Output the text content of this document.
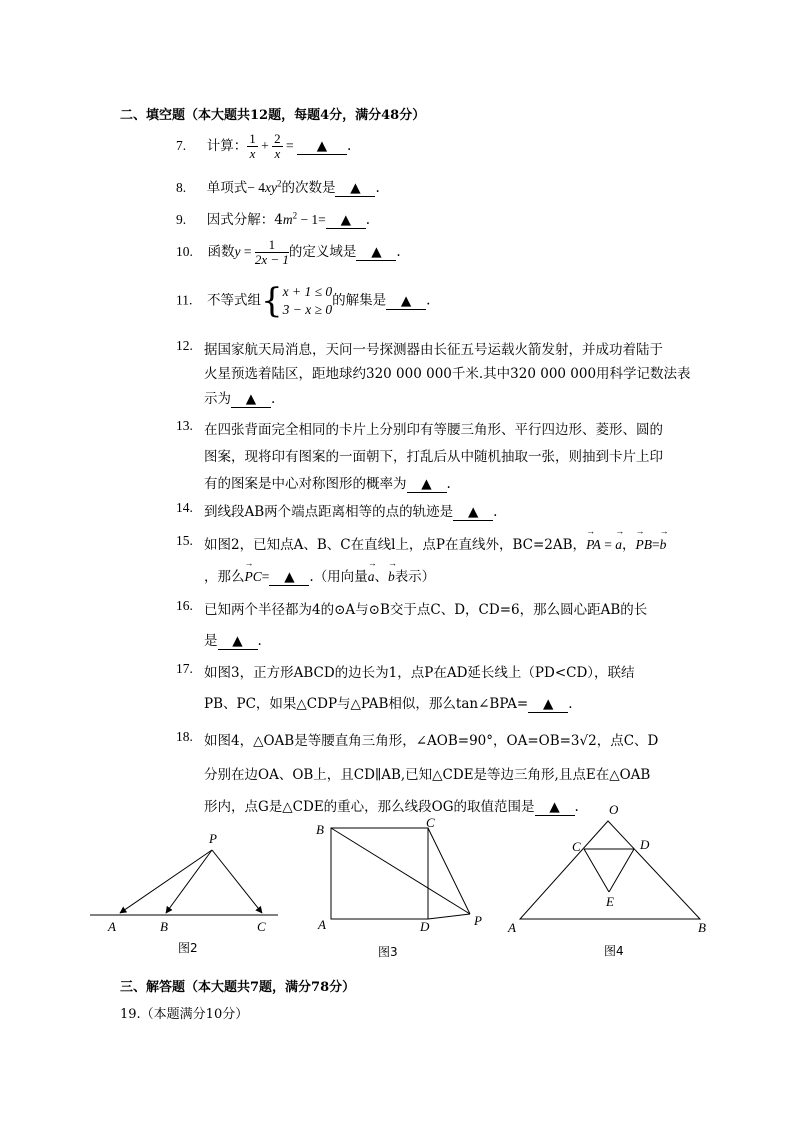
二、填空题（本大题共12题，每题4分，满分48分）
7. 计算： $\frac{1}{x} + \frac{2}{x}$ = ▲ .
8. 单项式− $4xy^2$的次数是 ▲ .
9. 因式分解：$4m^2 - 1=$ ▲ .
10. 函数$y = \frac{1}{2x - 1}$ 的定义域是 ▲ .
11. 不等式组{ x + 1 ≤ 0
3 − x ≥ 0
的解集是 ▲ .
12. 据国家航天局消息，天问一号探测器由长征五号运载火箭发射，并成功着陆于
火星预选着陆区，距地球约320 000 000千米.其中320 000 000用科学记数法表
示为 ▲ .
13. 在四张背面完全相同的卡片上分别印有等腰三角形、平行四边形、菱形、圆的
图案，现将印有图案的一面朝下，打乱后从中随机抽取一张，则抽到卡片上印
有的图案是中心对称图形的概率为 ▲ .
14. 到线段AB两个端点距离相等的点的轨迹是 ▲ .
15. 如图2，已知点A、B、C在直线l上，点P在直线外，BC=2AB，→ PA = → a，→ PB=→ b
，那么→ PC= ▲ .（用向量→ a、→ b表示）
16. 已知两个半径都为4的⊙A与⊙B交于点C、D，CD=6，那么圆心距AB的长
是 ▲ .
17. 如图3，正方形ABCD的边长为1，点P在AD延长线上（PD<CD），联结
PB、PC，如果△CDP与△PAB相似，那么tan∠BPA= ▲ .
18. 如图4，△OAB是等腰直角三角形，∠AOB=90°，OA=OB=3√2，点C、D
分别在边OA、OB上，且CD∥AB,已知△CDE是等边三角形,且点E在△OAB
形内，点G是△CDE的重心，那么线段OG的取值范围是 ▲ .
P
A	B	C
图2
B	C
A	D	P
图3
O
C	D
E
A	B
图4
三、解答题（本大题共7题，满分78分）
19.（本题满分10分）
